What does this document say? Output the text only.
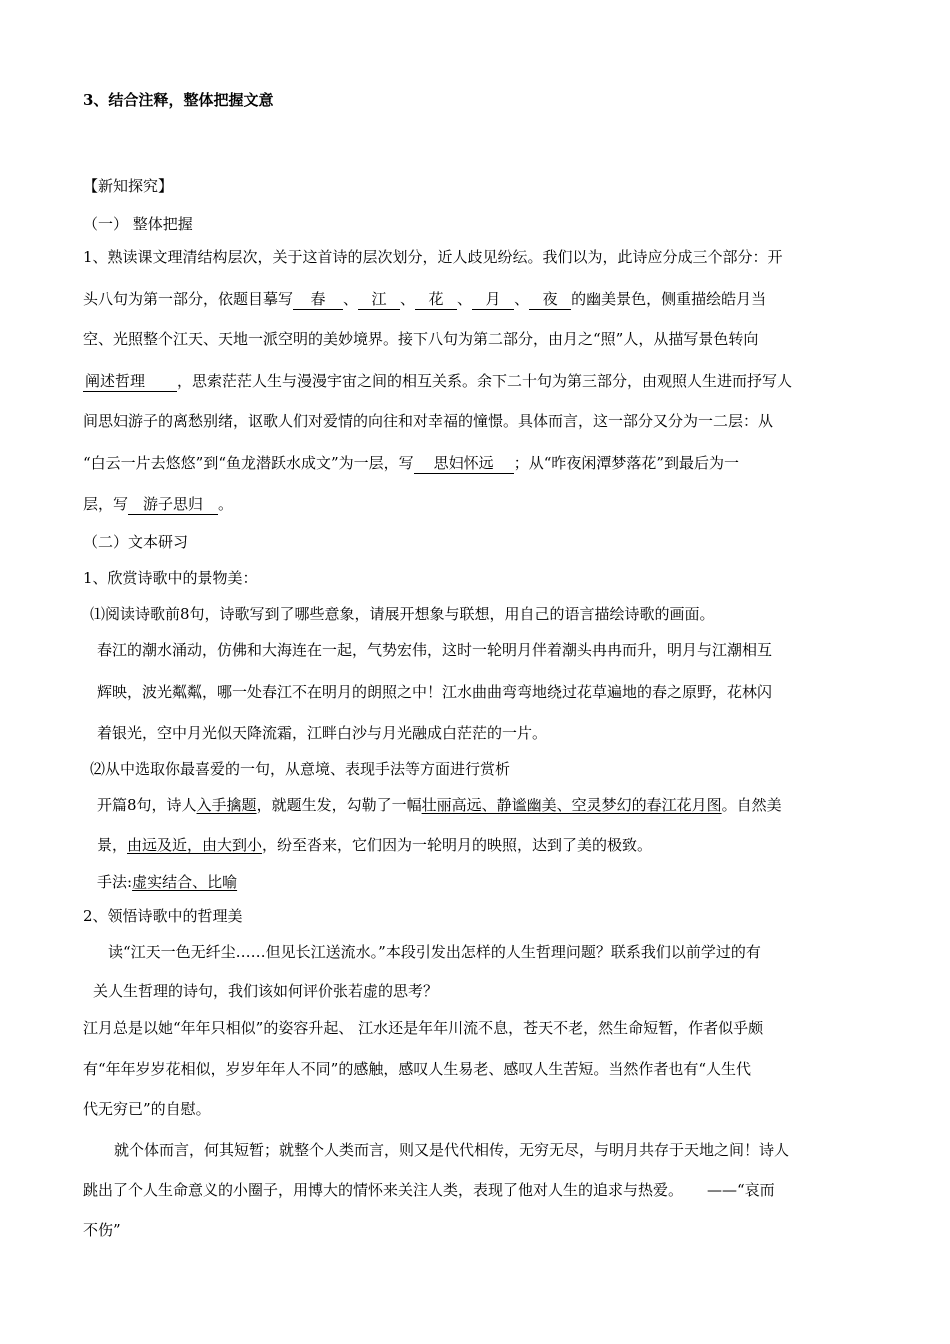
3、结合注释，整体把握文意
【新知探究】
（一） 整体把握
1、熟读课文理清结构层次，关于这首诗的层次划分，近人歧见纷纭。我们以为，此诗应分成三个部分：开
头八句为第一部分，依题目摹写 春 、 江 、 花 、 月 、 夜 的幽美景色，侧重描绘皓月当
空、光照整个江天、天地一派空明的美妙境界。接下八句为第二部分，由月之“照”人，从描写景色转向
阐述哲理 ，思索茫茫人生与漫漫宇宙之间的相互关系。余下二十句为第三部分，由观照人生进而抒写人
间思妇游子的离愁别绪，讴歌人们对爱情的向往和对幸福的憧憬。具体而言，这一部分又分为一二层：从
“白云一片去悠悠”到“鱼龙潜跃水成文”为一层，写 思妇怀远 ；从“昨夜闲潭梦落花”到最后为一
层，写 游子思归 。
（二）文本研习
1、欣赏诗歌中的景物美：
⑴阅读诗歌前8句，诗歌写到了哪些意象，请展开想象与联想，用自己的语言描绘诗歌的画面。
春江的潮水涌动，仿佛和大海连在一起，气势宏伟，这时一轮明月伴着潮头冉冉而升，明月与江潮相互
辉映，波光粼粼，哪一处春江不在明月的朗照之中！江水曲曲弯弯地绕过花草遍地的春之原野，花林闪
着银光，空中月光似天降流霜，江畔白沙与月光融成白茫茫的一片。
⑵从中选取你最喜爱的一句，从意境、表现手法等方面进行赏析
开篇8句，诗人入手擒题，就题生发，勾勒了一幅壮丽高远、静谧幽美、空灵梦幻的春江花月图。自然美
景，由远及近，由大到小，纷至沓来，它们因为一轮明月的映照，达到了美的极致。
手法:虚实结合、比喻
2、领悟诗歌中的哲理美
读“江天一色无纤尘……但见长江送流水。”本段引发出怎样的人生哲理问题？联系我们以前学过的有
关人生哲理的诗句，我们该如何评价张若虚的思考？
江月总是以她“年年只相似”的姿容升起、 江水还是年年川流不息，苍天不老，然生命短暂，作者似乎颇
有“年年岁岁花相似，岁岁年年人不同”的感触，感叹人生易老、感叹人生苦短。当然作者也有“人生代
代无穷已”的自慰。
就个体而言，何其短暂；就整个人类而言，则又是代代相传，无穷无尽，与明月共存于天地之间！诗人
跳出了个人生命意义的小圈子，用博大的情怀来关注人类，表现了他对人生的追求与热爱。 ——“哀而
不伤”
